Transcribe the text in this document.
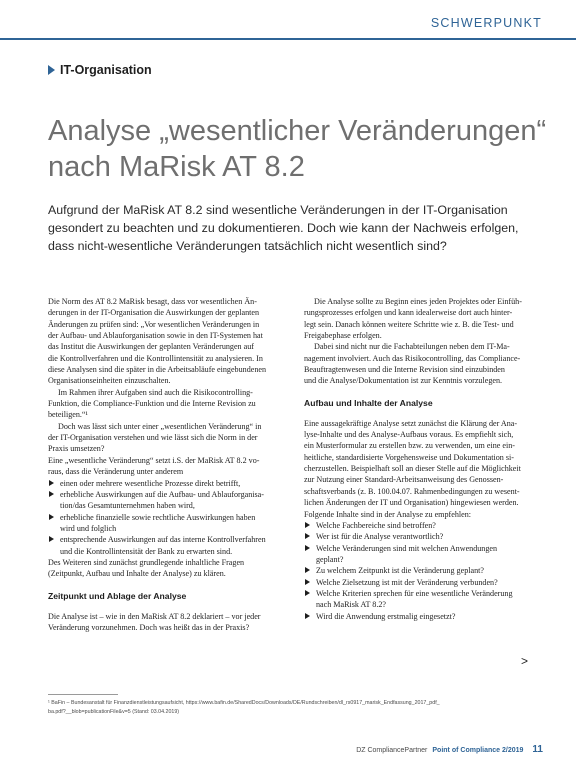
SCHWERPUNKT
IT-Organisation
Analyse „wesentlicher Veränderungen“
nach MaRisk AT 8.2
Aufgrund der MaRisk AT 8.2 sind wesentliche Veränderungen in der IT-Organisation
gesondert zu beachten und zu dokumentieren. Doch wie kann der Nachweis erfolgen,
dass nicht-wesentliche Veränderungen tatsächlich nicht wesentlich sind?
Die Norm des AT 8.2 MaRisk besagt, dass vor wesentlichen Än-
derungen in der IT-Organisation die Auswirkungen der geplanten
Änderungen zu prüfen sind: „Vor wesentlichen Veränderungen in
der Aufbau- und Ablauforganisation sowie in den IT-Systemen hat
das Institut die Auswirkungen der geplanten Veränderungen auf
die Kontrollverfahren und die Kontrollintensität zu analysieren. In
diese Analysen sind die später in die Arbeitsabläufe eingebundenen
Organisationseinheiten einzuschalten.
Im Rahmen ihrer Aufgaben sind auch die Risikocontrolling-
Funktion, die Compliance-Funktion und die Interne Revision zu
beteiligen.“¹
Doch was lässt sich unter einer „wesentlichen Veränderung“ in
der IT-Organisation verstehen und wie lässt sich die Norm in der
Praxis umsetzen?
Eine „wesentliche Veränderung“ setzt i.S. der MaRisk AT 8.2 vo-
raus, dass die Veränderung unter anderem
einen oder mehrere wesentliche Prozesse direkt betrifft,
erhebliche Auswirkungen auf die Aufbau- und Ablauforganisa-
tion/das Gesamtunternehmen haben wird,
erhebliche finanzielle sowie rechtliche Auswirkungen haben
wird und folglich
entsprechende Auswirkungen auf das interne Kontrollverfahren
und die Kontrollintensität der Bank zu erwarten sind.
Des Weiteren sind zunächst grundlegende inhaltliche Fragen
(Zeitpunkt, Aufbau und Inhalte der Analyse) zu klären.
Zeitpunkt und Ablage der Analyse
Die Analyse ist – wie in den MaRisk AT 8.2 deklariert – vor jeder
Veränderung vorzunehmen. Doch was heißt das in der Praxis?
Die Analyse sollte zu Beginn eines jeden Projektes oder Einfüh-
rungsprozesses erfolgen und kann idealerweise dort auch hinter-
legt sein. Danach können weitere Schritte wie z. B. die Test- und
Freigabephase erfolgen.
Dabei sind nicht nur die Fachabteilungen neben dem IT-Ma-
nagement involviert. Auch das Risikocontrolling, das Compliance-
Beauftragtenwesen und die Interne Revision sind einzubinden
und die Analyse/Dokumentation ist zur Kenntnis vorzulegen.
Aufbau und Inhalte der Analyse
Eine aussagekräftige Analyse setzt zunächst die Klärung der Ana-
lyse-Inhalte und des Analyse-Aufbaus voraus. Es empfiehlt sich,
ein Musterformular zu erstellen bzw. zu verwenden, um eine ein-
heitliche, standardisierte Vorgehensweise und Dokumentation si-
cherzustellen. Beispielhaft soll an dieser Stelle auf die Möglichkeit
zur Nutzung einer Standard-Arbeitsanweisung des Genossen-
schaftsverbands (z. B. 100.04.07. Rahmenbedingungen zu wesent-
lichen Änderungen der IT und Organisation) hingewiesen werden.
Folgende Inhalte sind in der Analyse zu empfehlen:
Welche Fachbereiche sind betroffen?
Wer ist für die Analyse verantwortlich?
Welche Veränderungen sind mit welchen Anwendungen
geplant?
Zu welchem Zeitpunkt ist die Veränderung geplant?
Welche Zielsetzung ist mit der Veränderung verbunden?
Welche Kriterien sprechen für eine wesentliche Veränderung
nach MaRisk AT 8.2?
Wird die Anwendung erstmalig eingesetzt?
>
¹ BaFin – Bundesanstalt für Finanzdienstleistungsaufsicht, https://www.bafin.de/SharedDocs/Downloads/DE/Rundschreiben/dl_rs0917_marisk_Endfassung_2017_pdf_
ba.pdf?__blob=publicationFile&v=5 (Stand: 03.04.2019)
DZ CompliancePartner Point of Compliance 2/2019 11
